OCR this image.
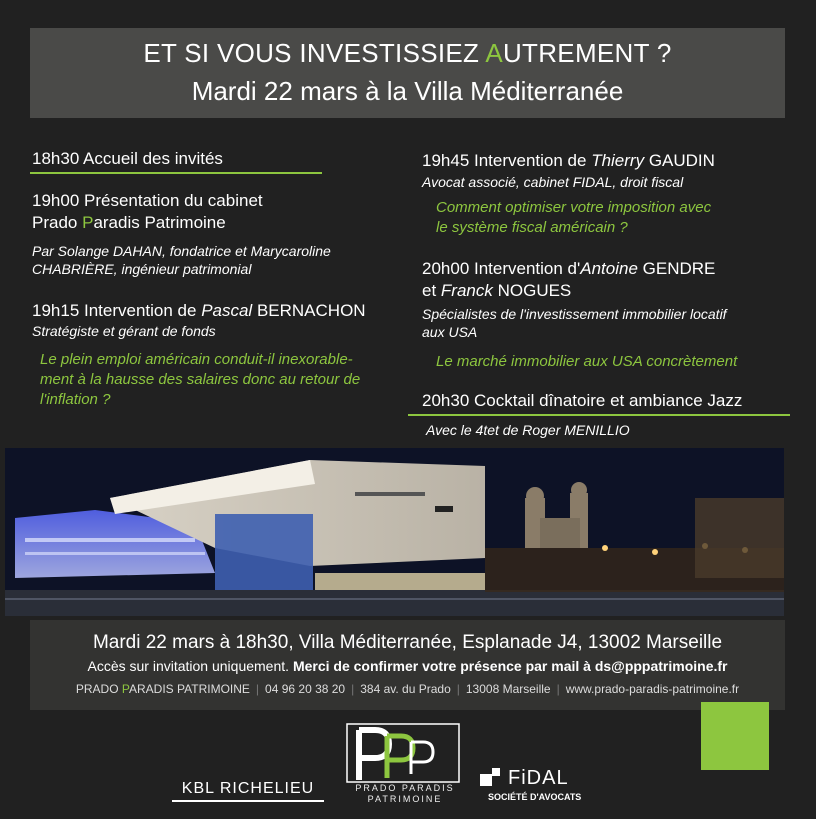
ET SI VOUS INVESTISSIEZ AUTREMENT ?
Mardi 22 mars à la Villa Méditerranée
18h30 Accueil des invités
19h00 Présentation du cabinet
Prado Paradis Patrimoine
Par Solange DAHAN, fondatrice et Marycaroline
CHABRIÈRE, ingénieur patrimonial
19h15 Intervention de Pascal BERNACHON
Stratégiste et gérant de fonds
Le plein emploi américain conduit-il inexorable-
ment à la hausse des salaires donc au retour de
l'inflation ?
19h45 Intervention de Thierry GAUDIN
Avocat associé, cabinet FIDAL, droit fiscal
Comment optimiser votre imposition avec
le système fiscal américain ?
20h00 Intervention d'Antoine GENDRE
et Franck NOGUES
Spécialistes de l'investissement immobilier locatif
aux USA
Le marché immobilier aux USA concrètement
20h30 Cocktail dînatoire et ambiance Jazz
Avec le 4tet de Roger MENILLIO
Mardi 22 mars à 18h30, Villa Méditerranée, Esplanade J4, 13002 Marseille
Accès sur invitation uniquement. Merci de confirmer votre présence par mail à ds@pppatrimoine.fr
PRADO PARADIS PATRIMOINE | 04 96 20 38 20 | 384 av. du Prado | 13008 Marseille | www.prado-paradis-patrimoine.fr
KBL RICHELIEU	PRADO PARADIS
PATRIMOINE
FiDAL
SOCIÉTÉ D'AVOCATS
